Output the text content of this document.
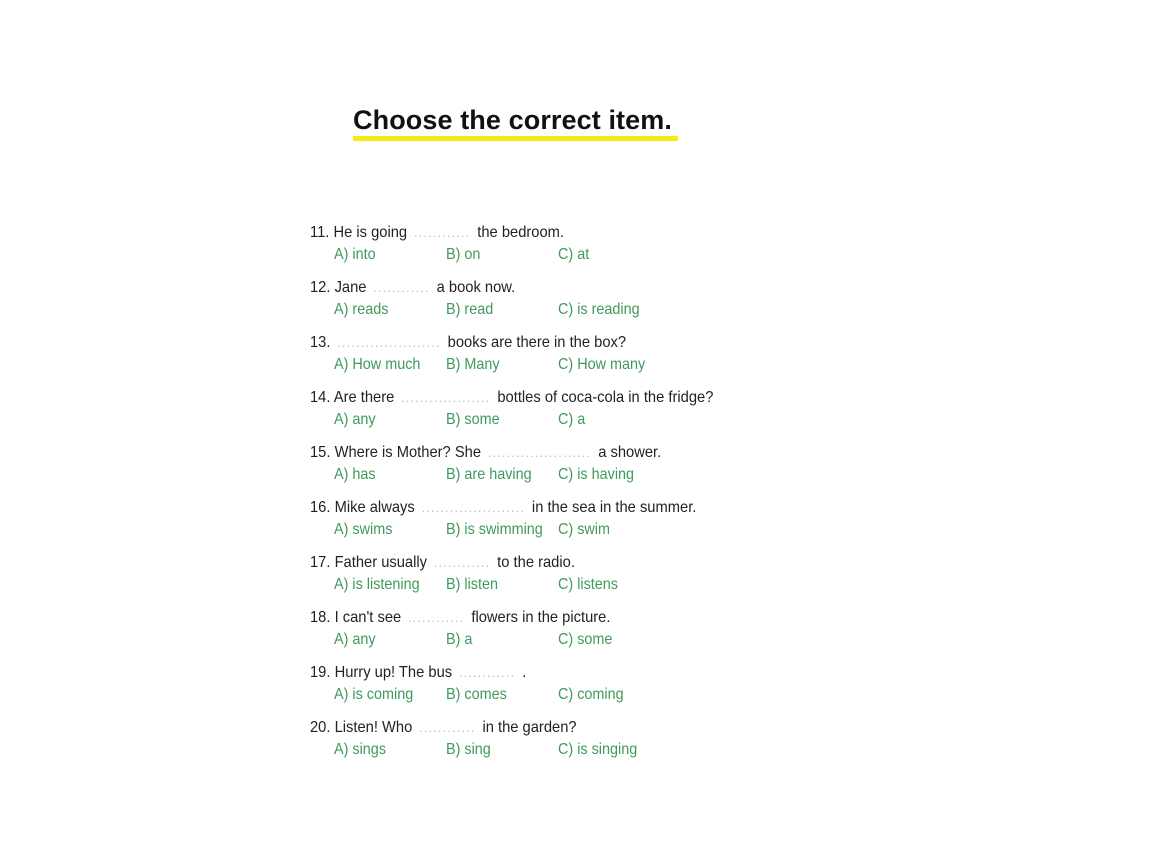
Choose the correct item.
11. He is going ............ the bedroom.
A) into	B) on	C) at
12. Jane ............ a book now.
A) reads	B) read	C) is reading
13. ...................... books are there in the box?
A) How much B) Many	C) How many
14. Are there ................... bottles of coca-cola in the fridge?
A) any	B) some	C) a
15. Where is Mother? She ...................... a shower.
A) has	B) are having C) is having
16. Mike always ...................... in the sea in the summer.
A) swims	B) is swimming C) swim
17. Father usually ............ to the radio.
A) is listening B) listen	C) listens
18. I can't see ............ flowers in the picture.
A) any	B) a	C) some
19. Hurry up! The bus ............ .
A) is coming B) comes	C) coming
20. Listen! Who ............ in the garden?
A) sings	B) sing	C) is singing
